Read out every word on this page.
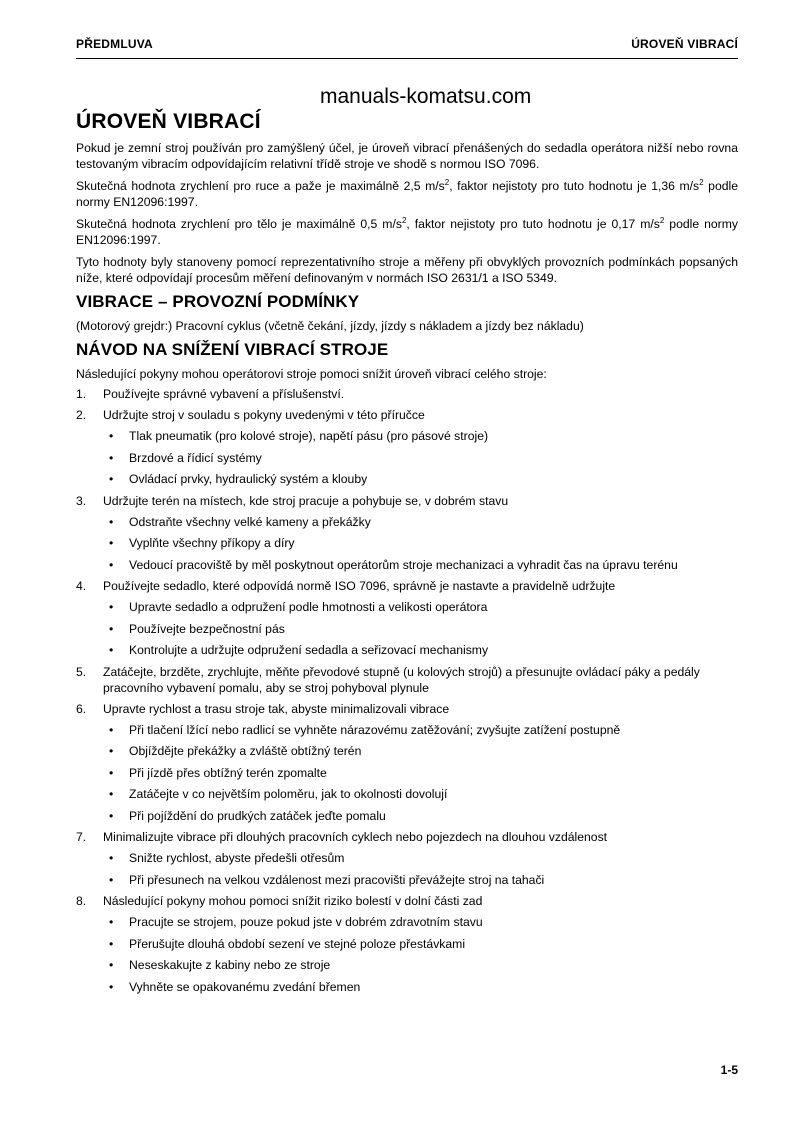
PŘEDMLUVA	ÚROVEŇ VIBRACÍ
manuals-komatsu.com
ÚROVEŇ VIBRACÍ

Pokud je zemní stroj používán pro zamýšlený účel, je úroveň vibrací přenášených do sedadla operátora nižší nebo rovna testovaným vibracím odpovídajícím relativní třídě stroje ve shodě s normou ISO 7096.

Skutečná hodnota zrychlení pro ruce a paže je maximálně 2,5 $m/s^2$, faktor nejistoty pro tuto hodnotu je 1,36 $m/s^2$ podle normy EN12096:1997.

Skutečná hodnota zrychlení pro tělo je maximálně 0,5 $m/s^2$, faktor nejistoty pro tuto hodnotu je 0,17 $m/s^2$ podle normy EN12096:1997.

Tyto hodnoty byly stanoveny pomocí reprezentativního stroje a měřeny při obvyklých provozních podmínkách popsaných níže, které odpovídají procesům měření definovaným v normách ISO 2631/1 a ISO 5349.

VIBRACE – PROVOZNÍ PODMÍNKY

(Motorový grejdr:) Pracovní cyklus (včetně čekání, jízdy, jízdy s nákladem a jízdy bez nákladu)

NÁVOD NA SNÍŽENÍ VIBRACÍ STROJE

Následující pokyny mohou operátorovi stroje pomoci snížit úroveň vibrací celého stroje:

1. Používejte správné vybavení a příslušenství.
2. Udržujte stroj v souladu s pokyny uvedenými v této příručce
• Tlak pneumatik (pro kolové stroje), napětí pásu (pro pásové stroje)
• Brzdové a řídicí systémy
• Ovládací prvky, hydraulický systém a klouby
3. Udržujte terén na místech, kde stroj pracuje a pohybuje se, v dobrém stavu
• Odstraňte všechny velké kameny a překážky
• Vyplňte všechny příkopy a díry
• Vedoucí pracoviště by měl poskytnout operátorům stroje mechanizaci a vyhradit čas na úpravu terénu
4. Používejte sedadlo, které odpovídá normě ISO 7096, správně je nastavte a pravidelně udržujte
• Upravte sedadlo a odpružení podle hmotnosti a velikosti operátora
• Používejte bezpečnostní pás
• Kontrolujte a udržujte odpružení sedadla a seřizovací mechanismy
5. Zatáčejte, brzděte, zrychlujte, měňte převodové stupně (u kolových strojů) a přesunujte ovládací páky a pedály pracovního vybavení pomalu, aby se stroj pohyboval plynule
6. Upravte rychlost a trasu stroje tak, abyste minimalizovali vibrace
• Při tlačení lžící nebo radlicí se vyhněte nárazovému zatěžování; zvyšujte zatížení postupně
• Objíždějte překážky a zvláště obtížný terén
• Při jízdě přes obtížný terén zpomalte
• Zatáčejte v co největším poloměru, jak to okolnosti dovolují
• Při pojíždění do prudkých zatáček jeďte pomalu
7. Minimalizujte vibrace při dlouhých pracovních cyklech nebo pojezdech na dlouhou vzdálenost
• Snižte rychlost, abyste předešli otřesům
• Při přesunech na velkou vzdálenost mezi pracovišti převážejte stroj na tahači
8. Následující pokyny mohou pomoci snížit riziko bolestí v dolní části zad
• Pracujte se strojem, pouze pokud jste v dobrém zdravotním stavu
• Přerušujte dlouhá období sezení ve stejné poloze přestávkami
• Neseskakujte z kabiny nebo ze stroje
• Vyhněte se opakovanému zvedání břemen
1-5
